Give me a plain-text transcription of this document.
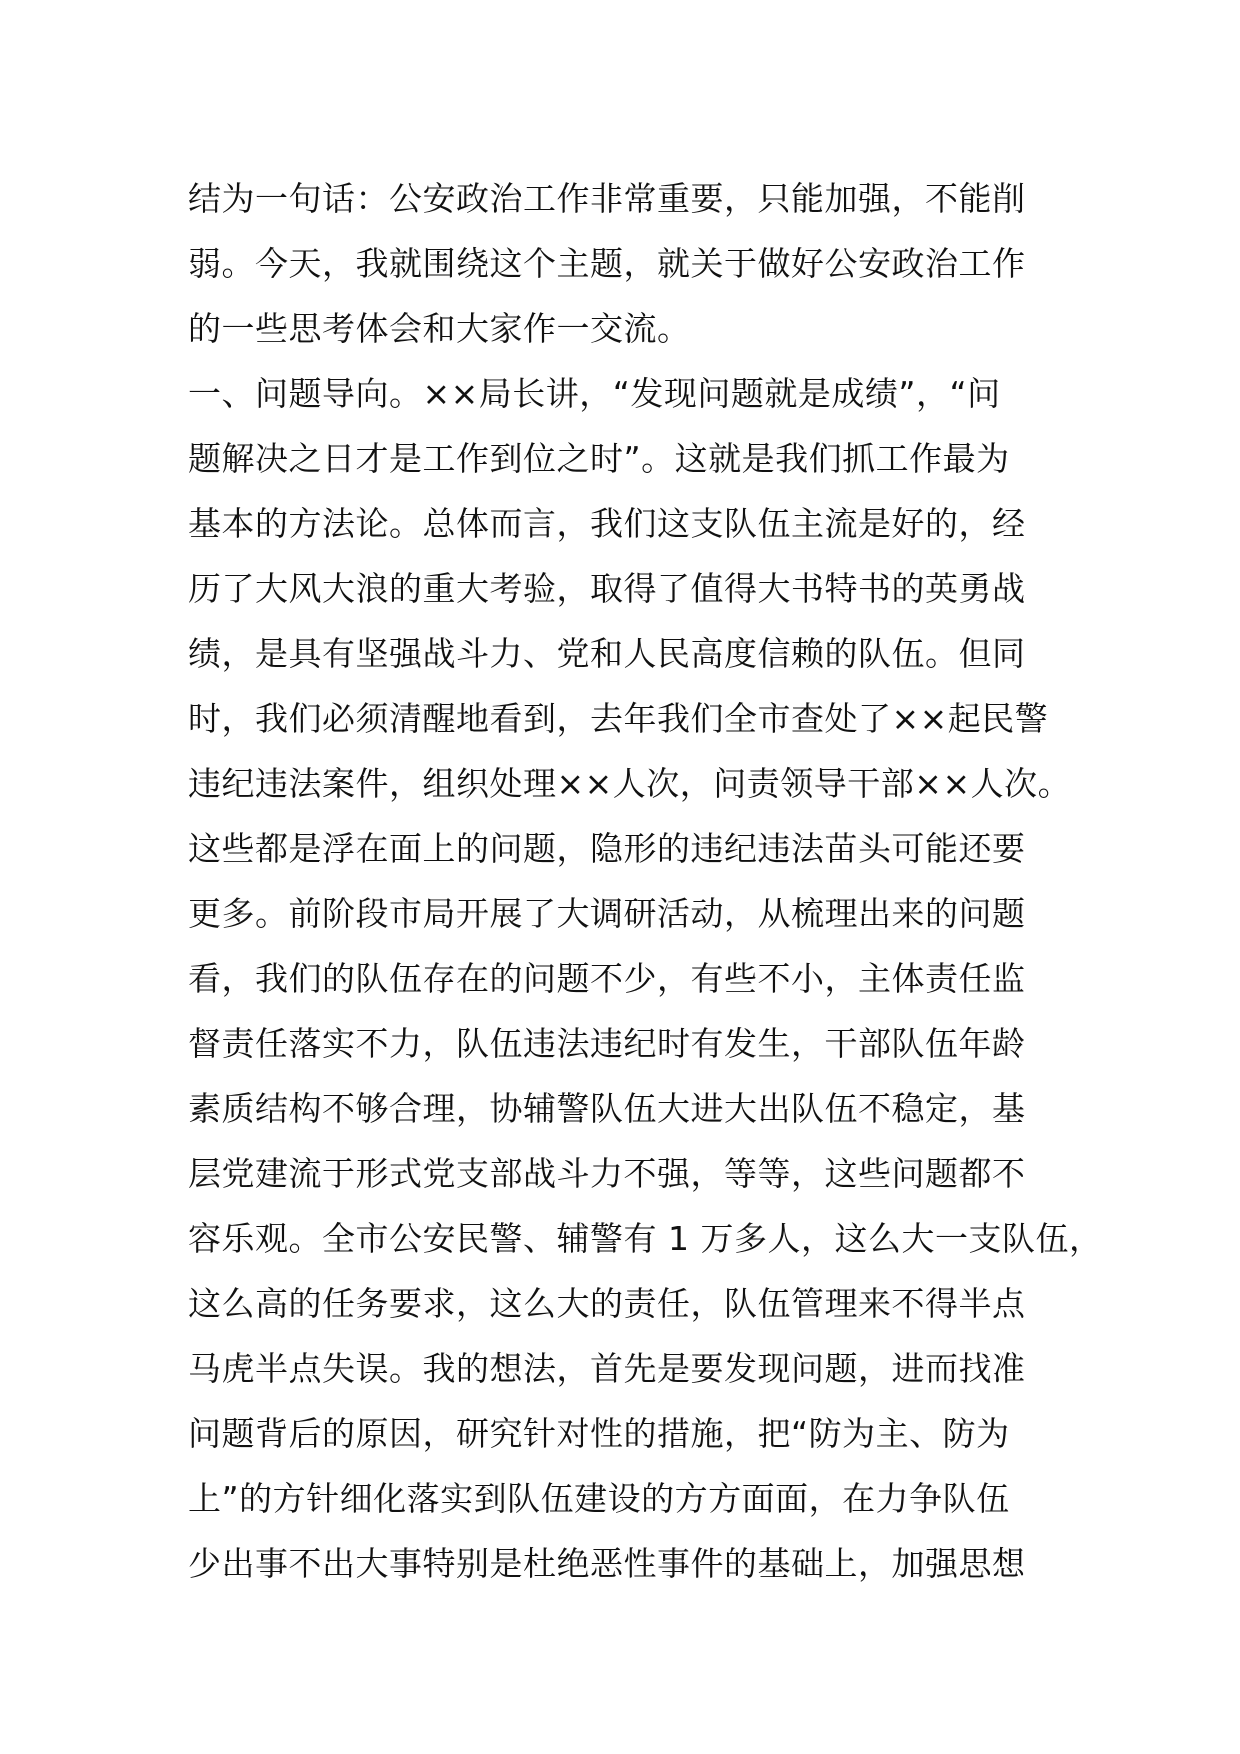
结为一句话：公安政治工作非常重要，只能加强，不能削
弱。今天，我就围绕这个主题，就关于做好公安政治工作
的一些思考体会和大家作一交流。
一、问题导向。××局长讲，“发现问题就是成绩”，“问
题解决之日才是工作到位之时”。这就是我们抓工作最为
基本的方法论。总体而言，我们这支队伍主流是好的，经
历了大风大浪的重大考验，取得了值得大书特书的英勇战
绩，是具有坚强战斗力、党和人民高度信赖的队伍。但同
时，我们必须清醒地看到，去年我们全市查处了××起民警
违纪违法案件，组织处理××人次，问责领导干部××人次。
这些都是浮在面上的问题，隐形的违纪违法苗头可能还要
更多。前阶段市局开展了大调研活动，从梳理出来的问题
看，我们的队伍存在的问题不少，有些不小，主体责任监
督责任落实不力，队伍违法违纪时有发生，干部队伍年龄
素质结构不够合理，协辅警队伍大进大出队伍不稳定，基
层党建流于形式党支部战斗力不强，等等，这些问题都不
容乐观。全市公安民警、辅警有 1 万多人，这么大一支队伍，
这么高的任务要求，这么大的责任，队伍管理来不得半点
马虎半点失误。我的想法，首先是要发现问题，进而找准
问题背后的原因，研究针对性的措施，把“防为主、防为
上”的方针细化落实到队伍建设的方方面面，在力争队伍
少出事不出大事特别是杜绝恶性事件的基础上，加强思想
